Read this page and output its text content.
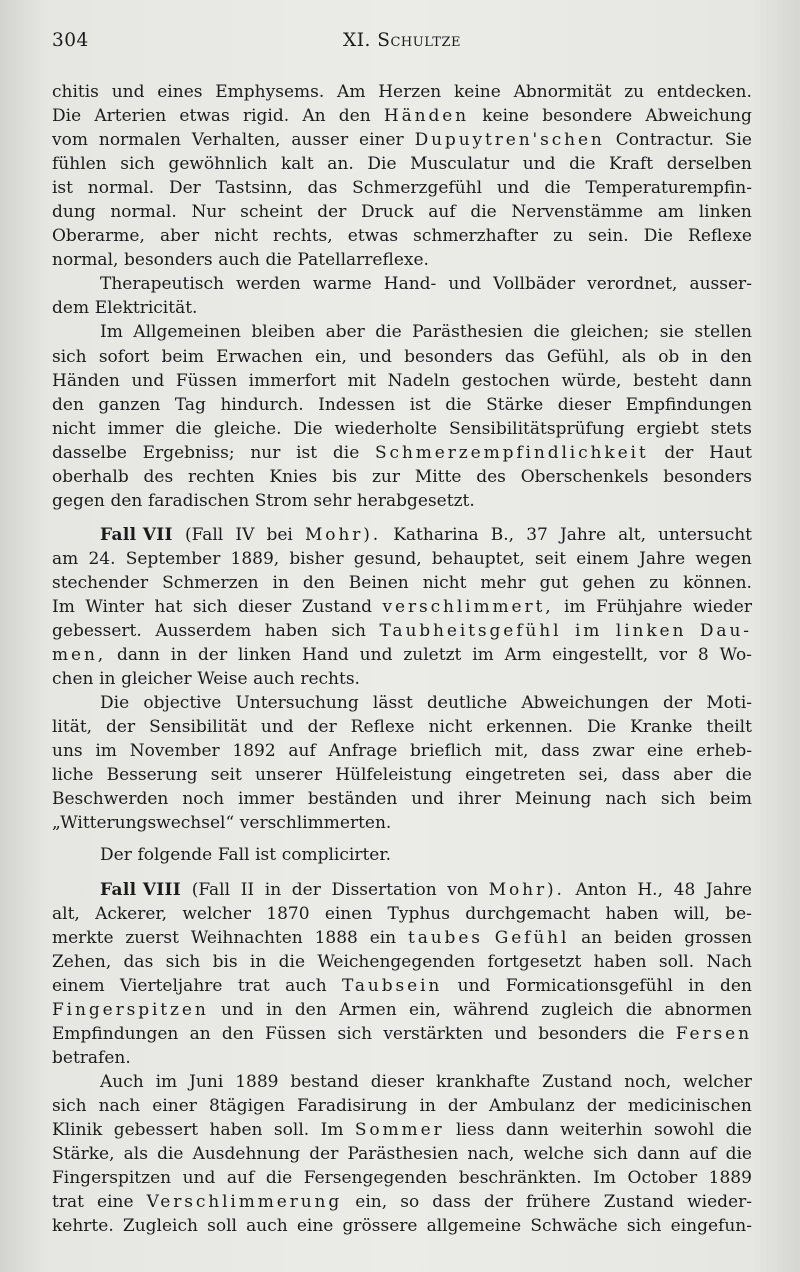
304	XI. Schultze
chitis und eines Emphysems. Am Herzen keine Abnormität zu entdecken.
Die Arterien etwas rigid. An den Händen keine besondere Abweichung
vom normalen Verhalten, ausser einer Dupuytren'schen Contractur. Sie
fühlen sich gewöhnlich kalt an. Die Musculatur und die Kraft derselben
ist normal. Der Tastsinn, das Schmerzgefühl und die Temperaturempfin-
dung normal. Nur scheint der Druck auf die Nervenstämme am linken
Oberarme, aber nicht rechts, etwas schmerzhafter zu sein. Die Reflexe
normal, besonders auch die Patellarreflexe.
Therapeutisch werden warme Hand- und Vollbäder verordnet, ausser-
dem Elektricität.
Im Allgemeinen bleiben aber die Parästhesien die gleichen; sie stellen
sich sofort beim Erwachen ein, und besonders das Gefühl, als ob in den
Händen und Füssen immerfort mit Nadeln gestochen würde, besteht dann
den ganzen Tag hindurch. Indessen ist die Stärke dieser Empfindungen
nicht immer die gleiche. Die wiederholte Sensibilitätsprüfung ergiebt stets
dasselbe Ergebniss; nur ist die Schmerzempfindlichkeit der Haut
oberhalb des rechten Knies bis zur Mitte des Oberschenkels besonders
gegen den faradischen Strom sehr herabgesetzt.
Fall VII (Fall IV bei Mohr). Katharina B., 37 Jahre alt, untersucht
am 24. September 1889, bisher gesund, behauptet, seit einem Jahre wegen
stechender Schmerzen in den Beinen nicht mehr gut gehen zu können.
Im Winter hat sich dieser Zustand verschlimmert, im Frühjahre wieder
gebessert. Ausserdem haben sich Taubheitsgefühl im linken Dau-
men, dann in der linken Hand und zuletzt im Arm eingestellt, vor 8 Wo-
chen in gleicher Weise auch rechts.
Die objective Untersuchung lässt deutliche Abweichungen der Moti-
lität, der Sensibilität und der Reflexe nicht erkennen. Die Kranke theilt
uns im November 1892 auf Anfrage brieflich mit, dass zwar eine erheb-
liche Besserung seit unserer Hülfeleistung eingetreten sei, dass aber die
Beschwerden noch immer beständen und ihrer Meinung nach sich beim
„Witterungswechsel“ verschlimmerten.
Der folgende Fall ist complicirter.
Fall VIII (Fall II in der Dissertation von Mohr). Anton H., 48 Jahre
alt, Ackerer, welcher 1870 einen Typhus durchgemacht haben will, be-
merkte zuerst Weihnachten 1888 ein taubes Gefühl an beiden grossen
Zehen, das sich bis in die Weichengegenden fortgesetzt haben soll. Nach
einem Vierteljahre trat auch Taubsein und Formicationsgefühl in den
Fingerspitzen und in den Armen ein, während zugleich die abnormen
Empfindungen an den Füssen sich verstärkten und besonders die Fersen
betrafen.
Auch im Juni 1889 bestand dieser krankhafte Zustand noch, welcher
sich nach einer 8tägigen Faradisirung in der Ambulanz der medicinischen
Klinik gebessert haben soll. Im Sommer liess dann weiterhin sowohl die
Stärke, als die Ausdehnung der Parästhesien nach, welche sich dann auf die
Fingerspitzen und auf die Fersengegenden beschränkten. Im October 1889
trat eine Verschlimmerung ein, so dass der frühere Zustand wieder-
kehrte. Zugleich soll auch eine grössere allgemeine Schwäche sich eingefun-
